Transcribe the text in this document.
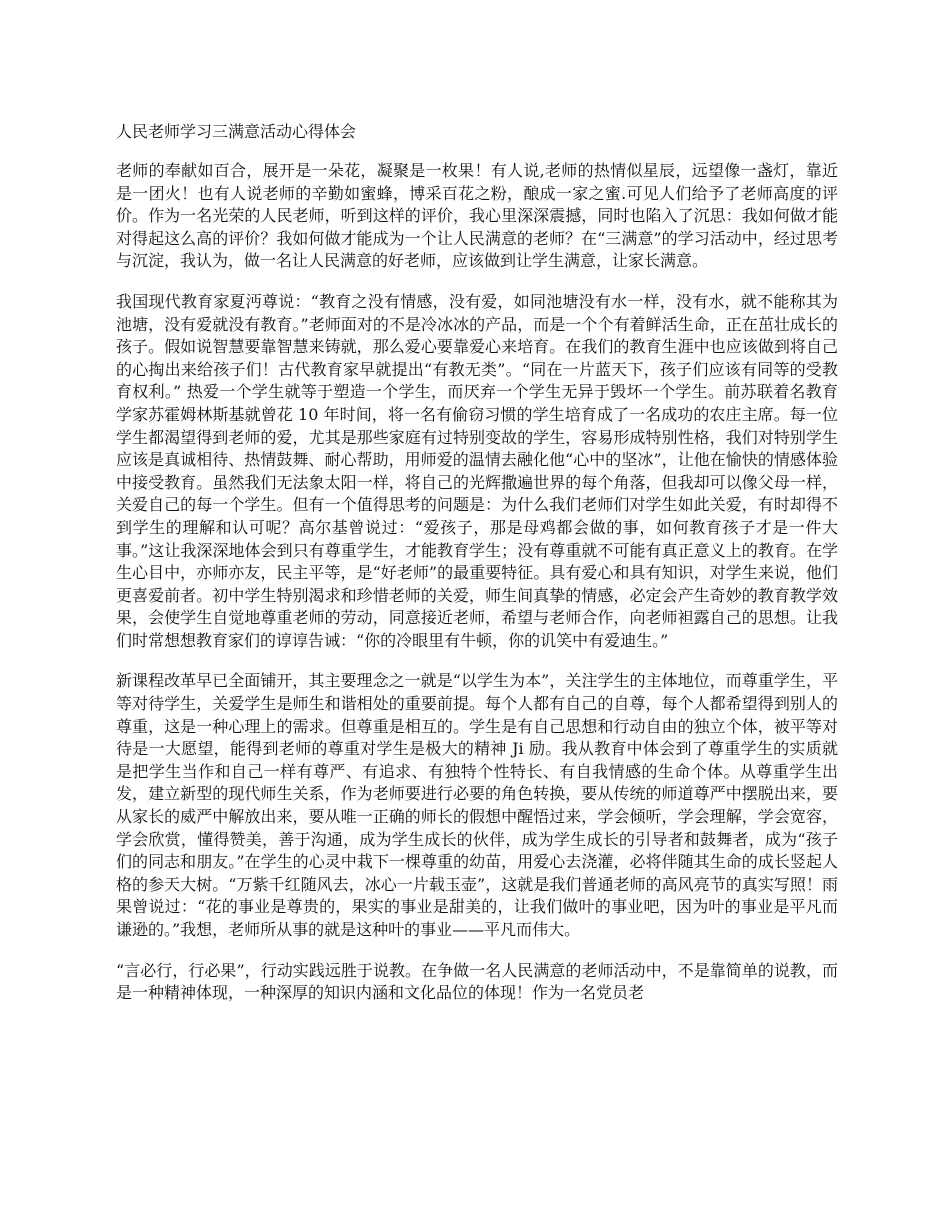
人民老师学习三满意活动心得体会

老师的奉献如百合，展开是一朵花，凝聚是一枚果！有人说,老师的热情似星辰，远望像一盏灯，靠近是一团火！也有人说老师的辛勤如蜜蜂，博采百花之粉，酿成一家之蜜.可见人们给予了老师高度的评价。作为一名光荣的人民老师，听到这样的评价，我心里深深震撼，同时也陷入了沉思：我如何做才能对得起这么高的评价？我如何做才能成为一个让人民满意的老师？在“三满意”的学习活动中，经过思考与沉淀，我认为，做一名让人民满意的好老师，应该做到让学生满意，让家长满意。

我国现代教育家夏沔尊说：“教育之没有情感，没有爱，如同池塘没有水一样，没有水，就不能称其为池塘，没有爱就没有教育。”老师面对的不是冷冰冰的产品，而是一个个有着鲜活生命，正在茁壮成长的孩子。假如说智慧要靠智慧来铸就，那么爱心要靠爱心来培育。在我们的教育生涯中也应该做到将自己的心掏出来给孩子们！古代教育家早就提出“有教无类”。“同在一片蓝天下，孩子们应该有同等的受教育权利。” 热爱一个学生就等于塑造一个学生，而厌弃一个学生无异于毁坏一个学生。前苏联着名教育学家苏霍姆林斯基就曾花 10 年时间，将一名有偷窃习惯的学生培育成了一名成功的农庄主席。每一位学生都渴望得到老师的爱，尤其是那些家庭有过特别变故的学生，容易形成特别性格，我们对特别学生应该是真诚相待、热情鼓舞、耐心帮助，用师爱的温情去融化他“心中的坚冰”，让他在愉快的情感体验中接受教育。虽然我们无法象太阳一样，将自己的光辉撒遍世界的每个角落，但我却可以像父母一样，关爱自己的每一个学生。但有一个值得思考的问题是：为什么我们老师们对学生如此关爱，有时却得不到学生的理解和认可呢？高尔基曾说过：“爱孩子，那是母鸡都会做的事，如何教育孩子才是一件大事。”这让我深深地体会到只有尊重学生，才能教育学生；没有尊重就不可能有真正意义上的教育。在学生心目中，亦师亦友，民主平等，是“好老师”的最重要特征。具有爱心和具有知识，对学生来说，他们更喜爱前者。初中学生特别渴求和珍惜老师的关爱，师生间真挚的情感，必定会产生奇妙的教育教学效果，会使学生自觉地尊重老师的劳动，同意接近老师，希望与老师合作，向老师袒露自己的思想。让我们时常想想教育家们的谆谆告诫：“你的冷眼里有牛顿，你的讥笑中有爱迪生。”

新课程改革早已全面铺开，其主要理念之一就是“以学生为本”，关注学生的主体地位，而尊重学生，平等对待学生，关爱学生是师生和谐相处的重要前提。每个人都有自己的自尊，每个人都希望得到别人的尊重，这是一种心理上的需求。但尊重是相互的。学生是有自己思想和行动自由的独立个体，被平等对待是一大愿望，能得到老师的尊重对学生是极大的精神 Ji 励。我从教育中体会到了尊重学生的实质就是把学生当作和自己一样有尊严、有追求、有独特个性特长、有自我情感的生命个体。从尊重学生出发，建立新型的现代师生关系，作为老师要进行必要的角色转换，要从传统的师道尊严中摆脱出来，要从家长的威严中解放出来，要从唯一正确的师长的假想中醒悟过来，学会倾听，学会理解，学会宽容，学会欣赏，懂得赞美，善于沟通，成为学生成长的伙伴，成为学生成长的引导者和鼓舞者，成为“孩子们的同志和朋友。”在学生的心灵中栽下一棵尊重的幼苗，用爱心去浇灌，必将伴随其生命的成长竖起人格的参天大树。“万紫千红随风去，冰心一片载玉壶”，这就是我们普通老师的高风亮节的真实写照！雨果曾说过：“花的事业是尊贵的，果实的事业是甜美的，让我们做叶的事业吧，因为叶的事业是平凡而谦逊的。”我想，老师所从事的就是这种叶的事业——平凡而伟大。

“言必行，行必果”，行动实践远胜于说教。在争做一名人民满意的老师活动中，不是靠简单的说教，而是一种精神体现，一种深厚的知识内涵和文化品位的体现！作为一名党员老
